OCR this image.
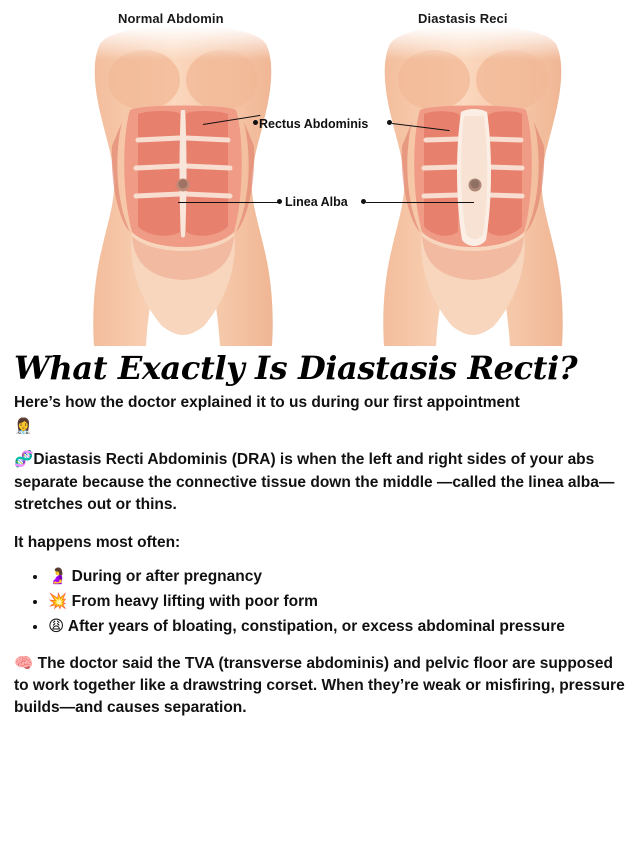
Normal Abdomin	Diastasis Reci
Rectus Abdominis
Linea Alba
What Exactly Is Diastasis Recti?

Here’s how the doctor explained it to us during our first appointment

👩‍⚕️

🧬Diastasis Recti Abdominis (DRA) is when the left and right sides of your abs separate because the connective tissue down the middle —called the linea alba—stretches out or thins.

It happens most often:

• 🤰 During or after pregnancy
• 💥 From heavy lifting with poor form
• 😩 After years of bloating, constipation, or excess abdominal pressure

🧠 The doctor said the TVA (transverse abdominis) and pelvic floor are supposed to work together like a drawstring corset. When they’re weak or misfiring, pressure builds—and causes separation.
